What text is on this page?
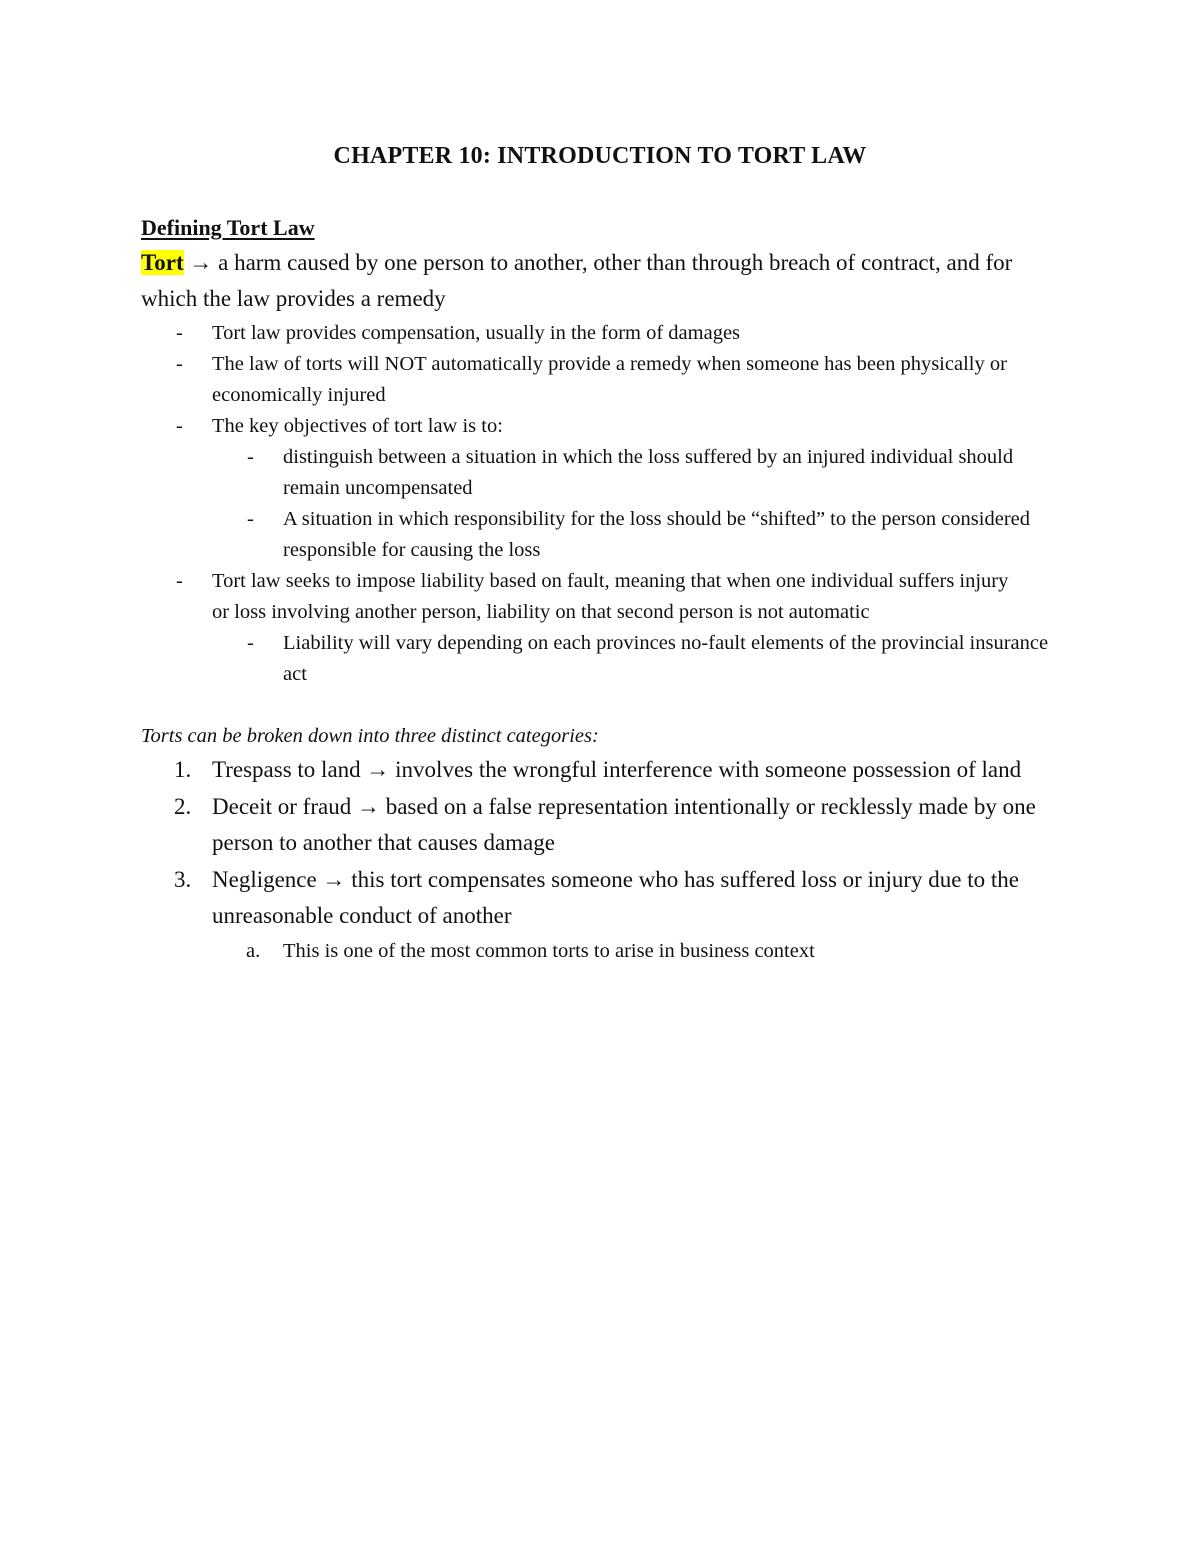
CHAPTER 10: INTRODUCTION TO TORT LAW
Defining Tort Law
Tort → a harm caused by one person to another, other than through breach of contract, and for which the law provides a remedy
- Tort law provides compensation, usually in the form of damages
- The law of torts will NOT automatically provide a remedy when someone has been physically or economically injured
- The key objectives of tort law is to:
- distinguish between a situation in which the loss suffered by an injured individual should remain uncompensated
- A situation in which responsibility for the loss should be “shifted” to the person considered responsible for causing the loss
- Tort law seeks to impose liability based on fault, meaning that when one individual suffers injury or loss involving another person, liability on that second person is not automatic
- Liability will vary depending on each provinces no-fault elements of the provincial insurance act
Torts can be broken down into three distinct categories:
1. Trespass to land → involves the wrongful interference with someone possession of land
2. Deceit or fraud → based on a false representation intentionally or recklessly made by one person to another that causes damage
3. Negligence → this tort compensates someone who has suffered loss or injury due to the unreasonable conduct of another
a. This is one of the most common torts to arise in business context
